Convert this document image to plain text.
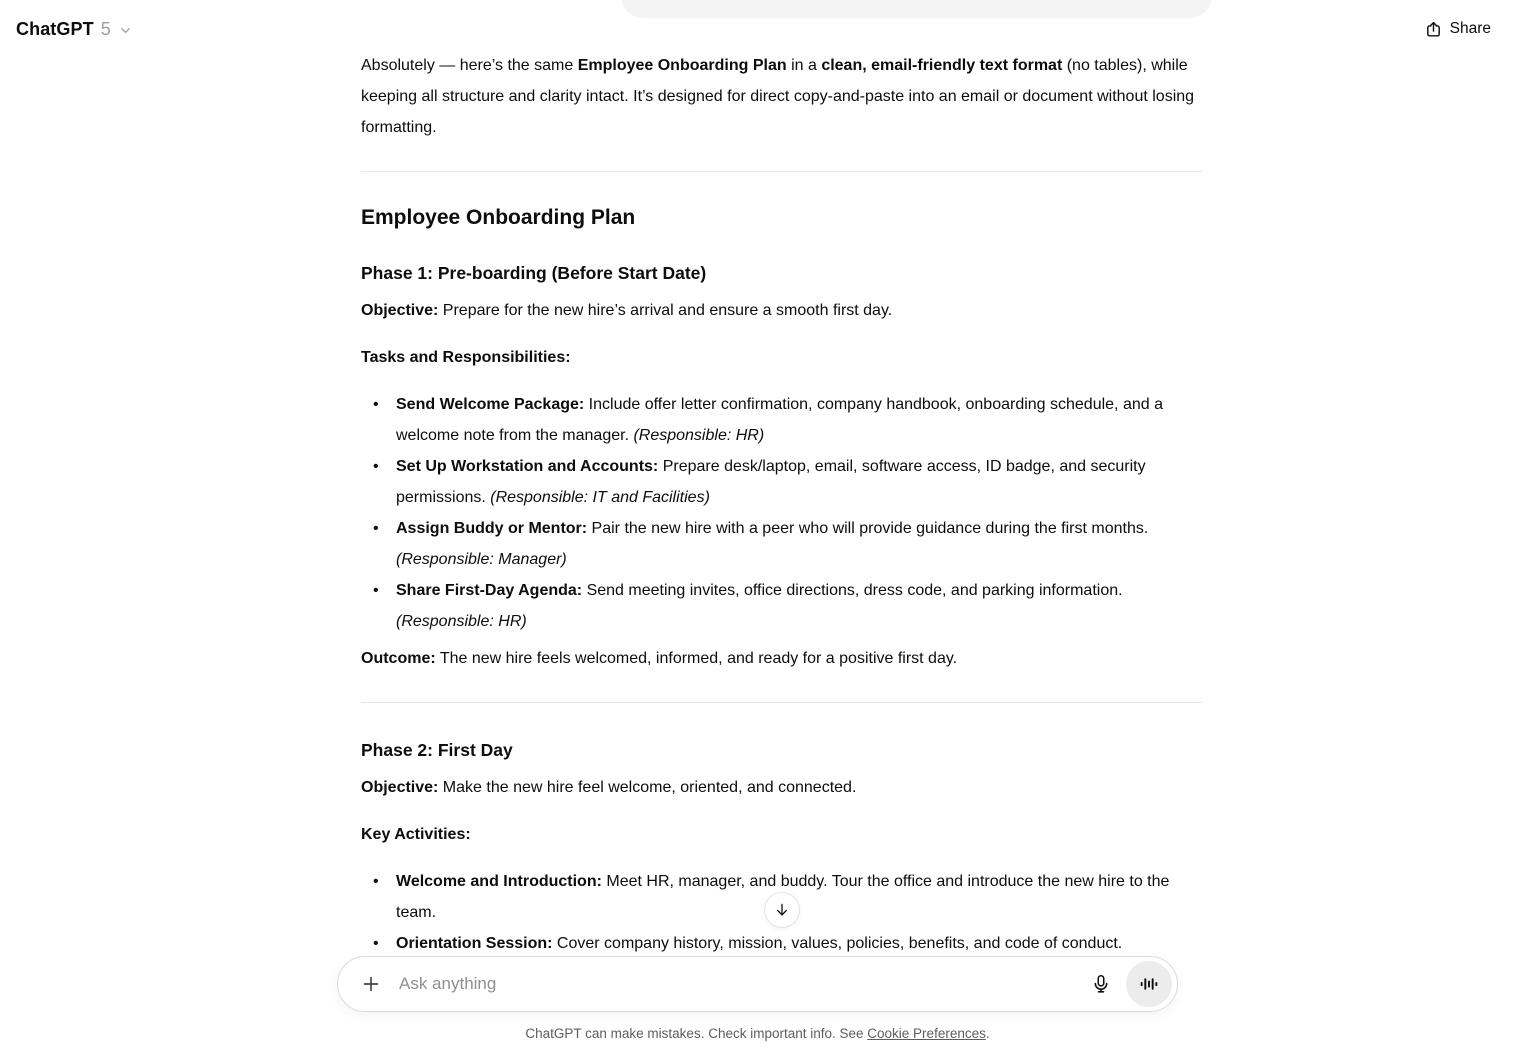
ChatGPT 5	Share

Absolutely — here’s the same Employee Onboarding Plan in a clean, email-friendly text format (no tables), while keeping all structure and clarity intact. It’s designed for direct copy-and-paste into an email or document without losing formatting.

Employee Onboarding Plan
Phase 1: Pre-boarding (Before Start Date)

Objective: Prepare for the new hire’s arrival and ensure a smooth first day.

Tasks and Responsibilities:

• Send Welcome Package: Include offer letter confirmation, company handbook, onboarding schedule, and a welcome note from the manager. (Responsible: HR)
• Set Up Workstation and Accounts: Prepare desk/laptop, email, software access, ID badge, and security permissions. (Responsible: IT and Facilities)
• Assign Buddy or Mentor: Pair the new hire with a peer who will provide guidance during the first months. (Responsible: Manager)
• Share First-Day Agenda: Send meeting invites, office directions, dress code, and parking information. (Responsible: HR)

Outcome: The new hire feels welcomed, informed, and ready for a positive first day.

Phase 2: First Day

Objective: Make the new hire feel welcome, oriented, and connected.

Key Activities:

• Welcome and Introduction: Meet HR, manager, and buddy. Tour the office and introduce the new hire to the team.
• Orientation Session: Cover company history, mission, values, policies, benefits, and code of conduct.
Ask anything
ChatGPT can make mistakes. Check important info. See Cookie Preferences.
